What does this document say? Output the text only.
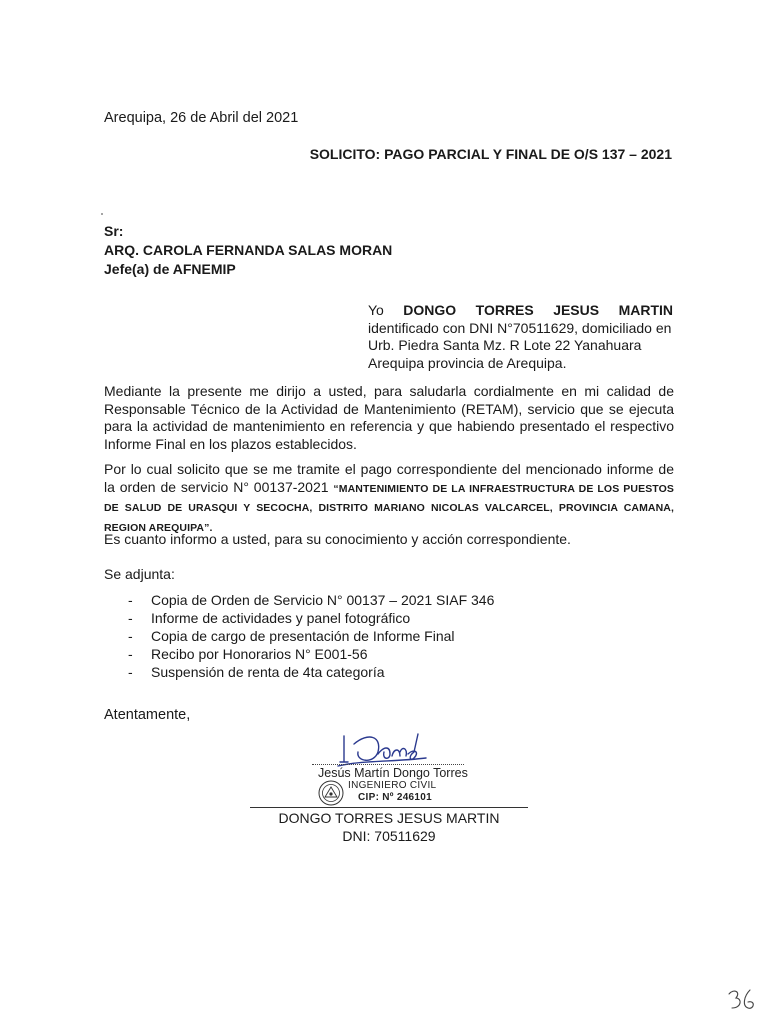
Arequipa, 26 de Abril del 2021
SOLICITO: PAGO PARCIAL Y FINAL DE O/S 137 – 2021
Sr:
ARQ. CAROLA FERNANDA SALAS MORAN
Jefe(a) de AFNEMIP
Yo DONGO TORRES JESUS MARTIN
identificado con DNI N°70511629, domiciliado en
Urb. Piedra Santa Mz. R Lote 22 Yanahuara
Arequipa provincia de Arequipa.
Mediante la presente me dirijo a usted, para saludarla cordialmente en mi calidad de Responsable Técnico de la Actividad de Mantenimiento (RETAM), servicio que se ejecuta para la actividad de mantenimiento en referencia y que habiendo presentado el respectivo Informe Final en los plazos establecidos.
Por lo cual solicito que se me tramite el pago correspondiente del mencionado informe de la orden de servicio N° 00137-2021 “MANTENIMIENTO DE LA INFRAESTRUCTURA DE LOS PUESTOS DE SALUD DE URASQUI Y SECOCHA, DISTRITO MARIANO NICOLAS VALCARCEL, PROVINCIA CAMANA, REGION AREQUIPA”.
Es cuanto informo a usted, para su conocimiento y acción correspondiente.
Se adjunta:
- Copia de Orden de Servicio N° 00137 – 2021 SIAF 346
- Informe de actividades y panel fotográfico
- Copia de cargo de presentación de Informe Final
- Recibo por Honorarios N° E001-56
- Suspensión de renta de 4ta categoría
Atentamente,
Jesús Martín Dongo Torres
INGENIERO CIVIL
CIP: Nº 246101
DONGO TORRES JESUS MARTIN
DNI: 70511629
